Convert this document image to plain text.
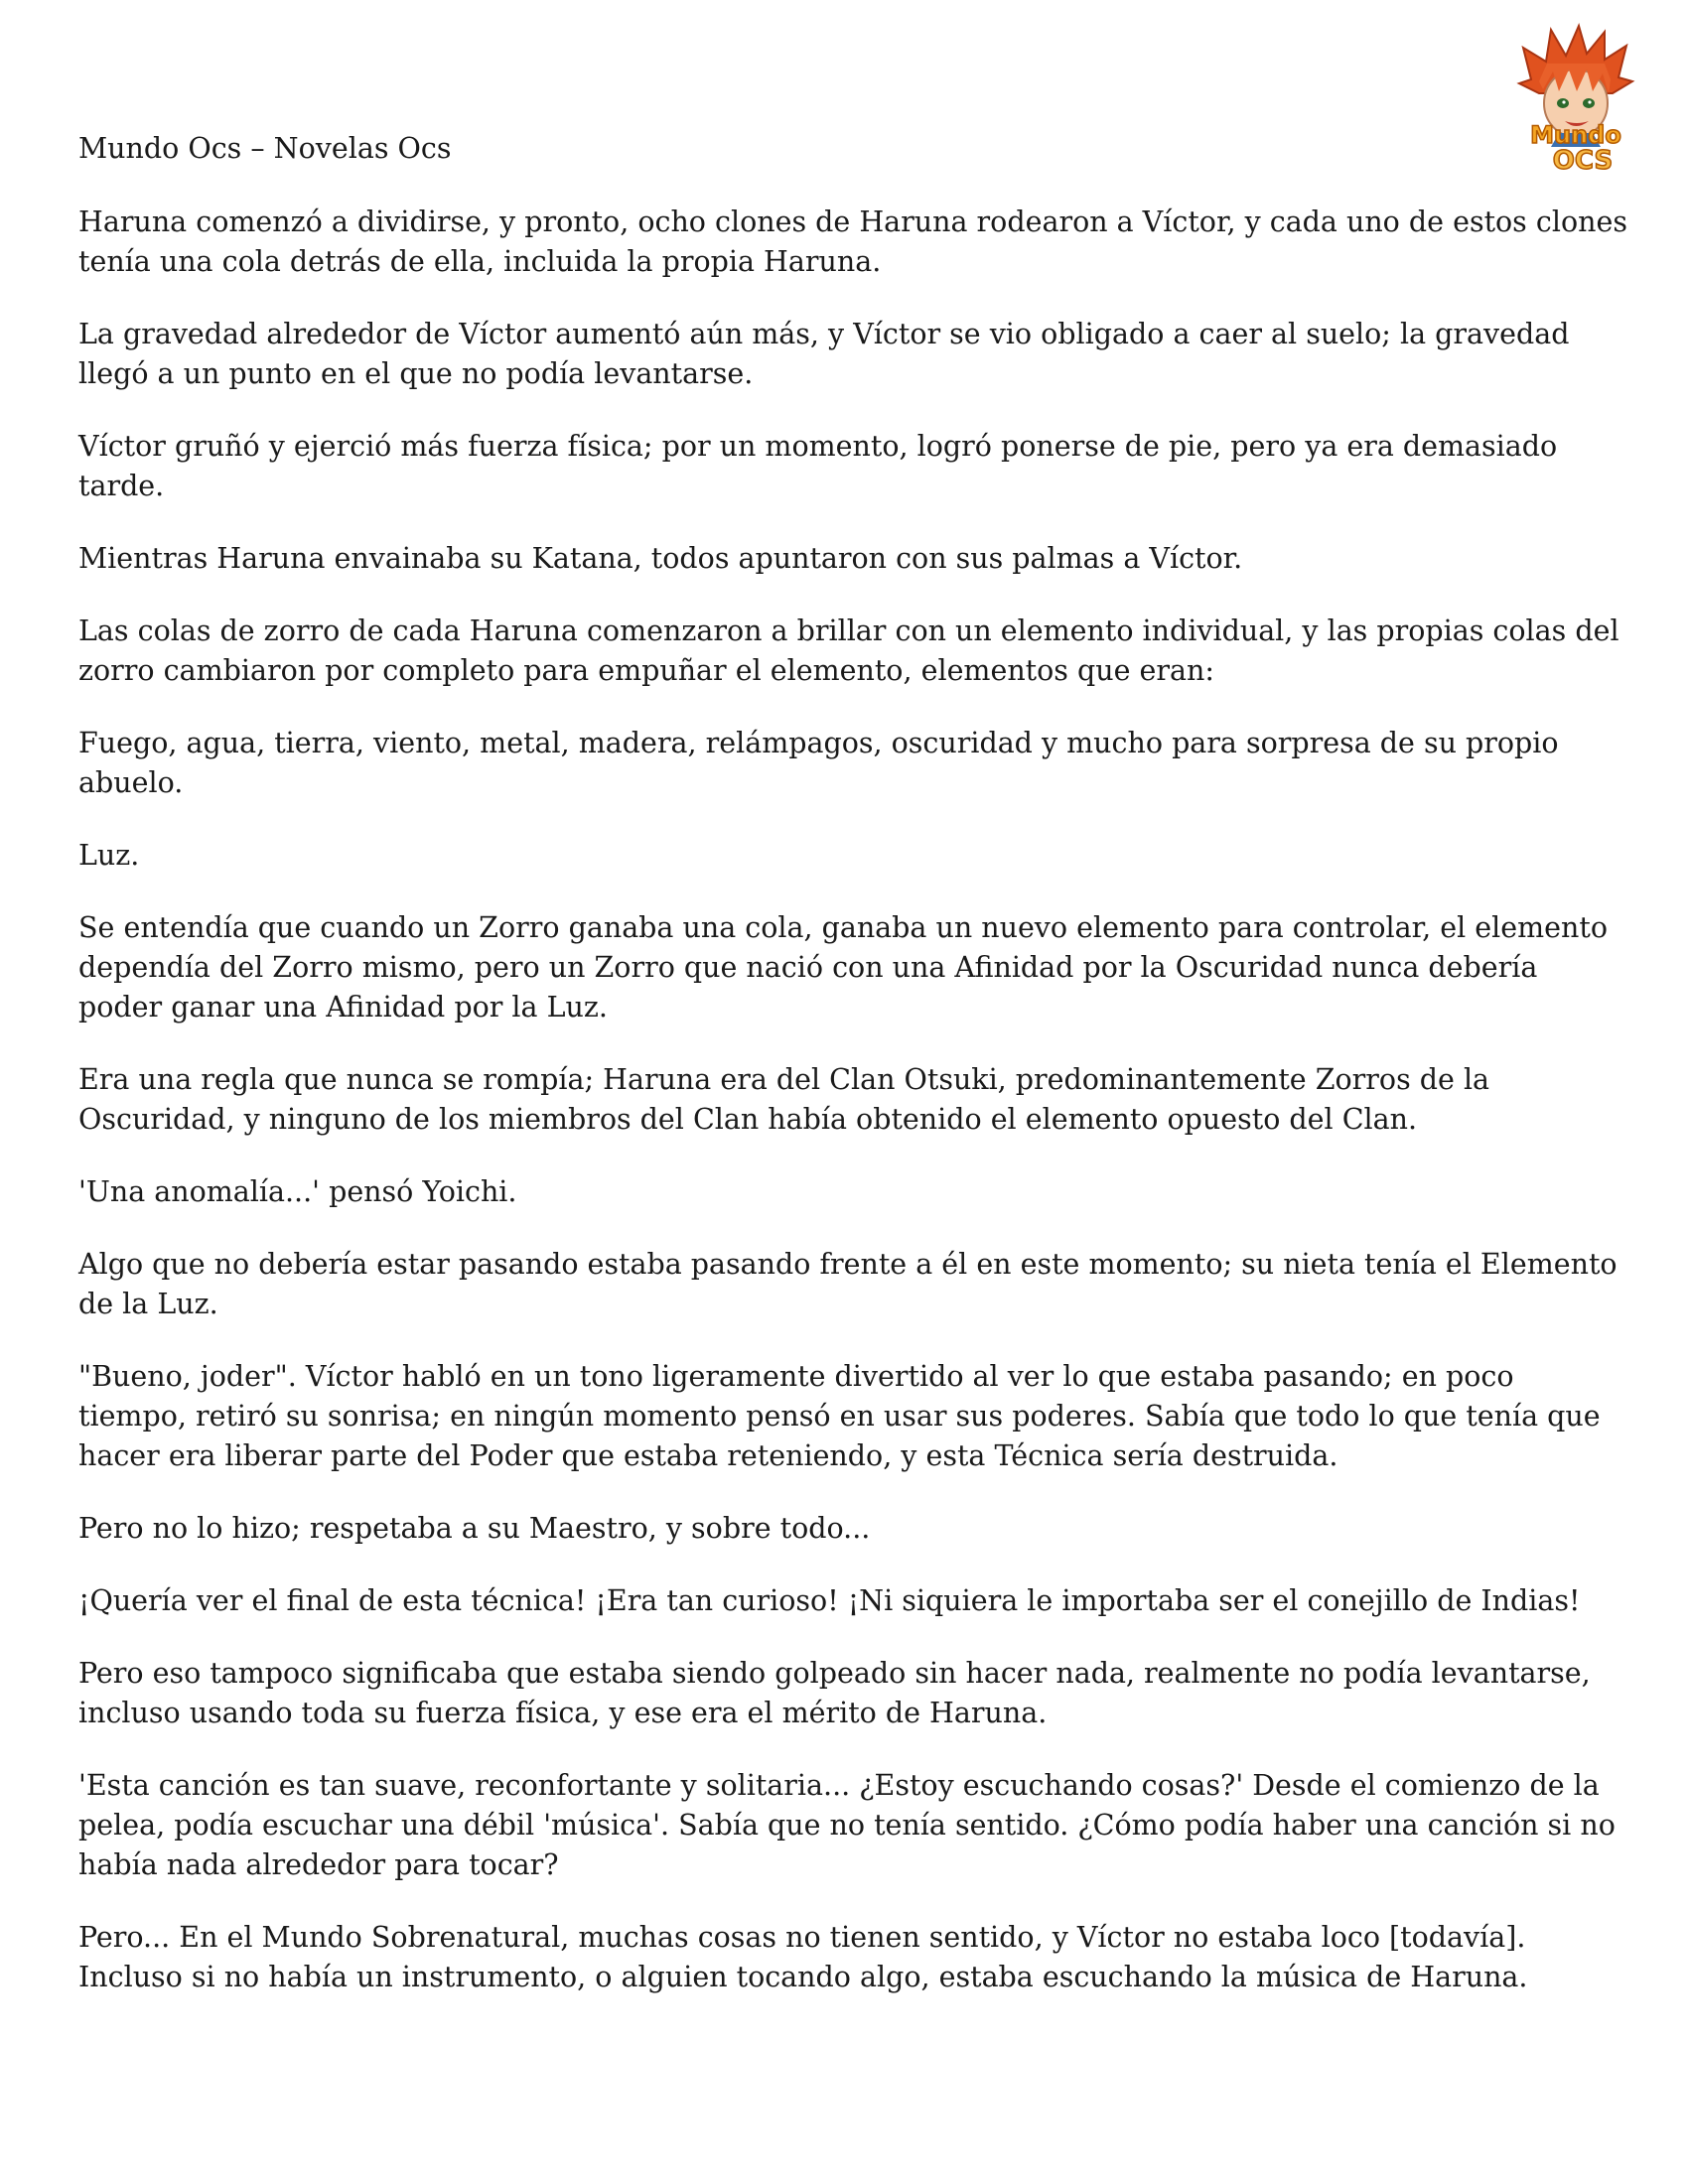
Mundo Ocs – Novelas Ocs	Mundo
OCS

Haruna comenzó a dividirse, y pronto, ocho clones de Haruna rodearon a Víctor, y cada uno de estos clones tenía una cola detrás de ella, incluida la propia Haruna.

La gravedad alrededor de Víctor aumentó aún más, y Víctor se vio obligado a caer al suelo; la gravedad llegó a un punto en el que no podía levantarse.

Víctor gruñó y ejerció más fuerza física; por un momento, logró ponerse de pie, pero ya era demasiado tarde.

Mientras Haruna envainaba su Katana, todos apuntaron con sus palmas a Víctor.

Las colas de zorro de cada Haruna comenzaron a brillar con un elemento individual, y las propias colas del zorro cambiaron por completo para empuñar el elemento, elementos que eran:

Fuego, agua, tierra, viento, metal, madera, relámpagos, oscuridad y mucho para sorpresa de su propio abuelo.

Luz.

Se entendía que cuando un Zorro ganaba una cola, ganaba un nuevo elemento para controlar, el elemento dependía del Zorro mismo, pero un Zorro que nació con una Afinidad por la Oscuridad nunca debería poder ganar una Afinidad por la Luz.

Era una regla que nunca se rompía; Haruna era del Clan Otsuki, predominantemente Zorros de la Oscuridad, y ninguno de los miembros del Clan había obtenido el elemento opuesto del Clan.

'Una anomalía...' pensó Yoichi.

Algo que no debería estar pasando estaba pasando frente a él en este momento; su nieta tenía el Elemento de la Luz.

"Bueno, joder". Víctor habló en un tono ligeramente divertido al ver lo que estaba pasando; en poco tiempo, retiró su sonrisa; en ningún momento pensó en usar sus poderes. Sabía que todo lo que tenía que hacer era liberar parte del Poder que estaba reteniendo, y esta Técnica sería destruida.

Pero no lo hizo; respetaba a su Maestro, y sobre todo...

¡Quería ver el final de esta técnica! ¡Era tan curioso! ¡Ni siquiera le importaba ser el conejillo de Indias!

Pero eso tampoco significaba que estaba siendo golpeado sin hacer nada, realmente no podía levantarse, incluso usando toda su fuerza física, y ese era el mérito de Haruna.

'Esta canción es tan suave, reconfortante y solitaria... ¿Estoy escuchando cosas?' Desde el comienzo de la pelea, podía escuchar una débil 'música'. Sabía que no tenía sentido. ¿Cómo podía haber una canción si no había nada alrededor para tocar?

Pero... En el Mundo Sobrenatural, muchas cosas no tienen sentido, y Víctor no estaba loco [todavía]. Incluso si no había un instrumento, o alguien tocando algo, estaba escuchando la música de Haruna.
